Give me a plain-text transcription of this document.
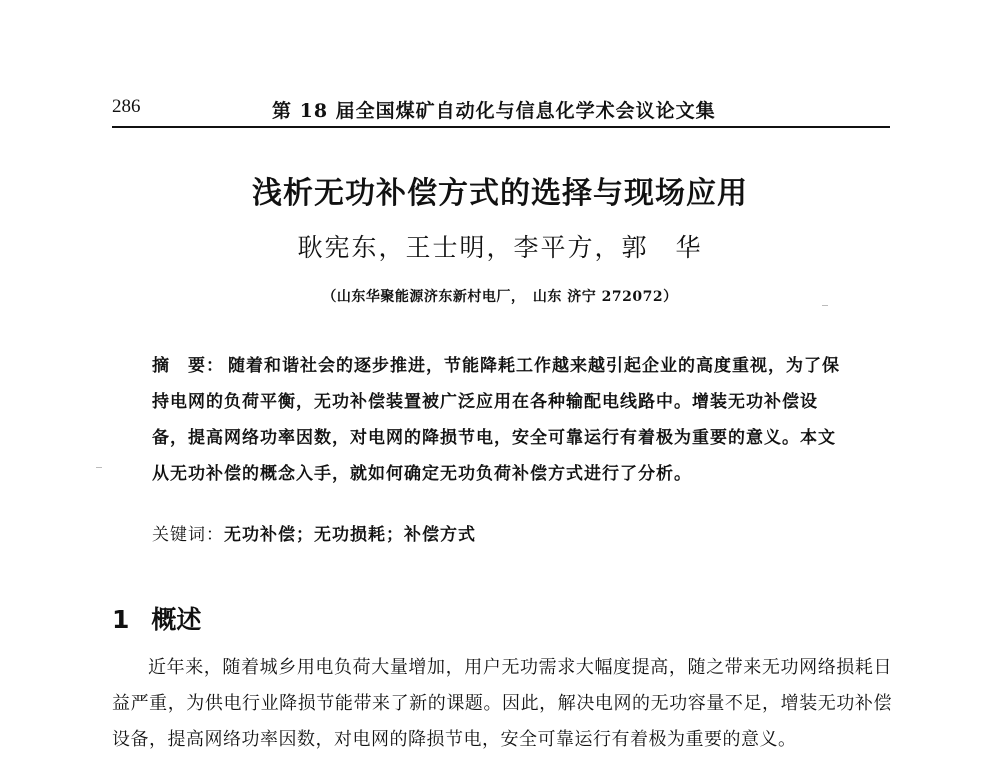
286	第 18 届全国煤矿自动化与信息化学术会议论文集
浅析无功补偿方式的选择与现场应用
耿宪东，王士明，李平方，郭　华
（山东华聚能源济东新村电厂，　山东 济宁 272072）
摘　要： 随着和谐社会的逐步推进，节能降耗工作越来越引起企业的高度重视，为了保持电网的负荷平衡，无功补偿装置被广泛应用在各种输配电线路中。增装无功补偿设备，提高网络功率因数，对电网的降损节电，安全可靠运行有着极为重要的意义。本文从无功补偿的概念入手，就如何确定无功负荷补偿方式进行了分析。
关键词：无功补偿；无功损耗；补偿方式
1 概述
近年来，随着城乡用电负荷大量增加，用户无功需求大幅度提高，随之带来无功网络损耗日益严重，为供电行业降损节能带来了新的课题。因此，解决电网的无功容量不足，增装无功补偿设备，提高网络功率因数，对电网的降损节电，安全可靠运行有着极为重要的意义。
